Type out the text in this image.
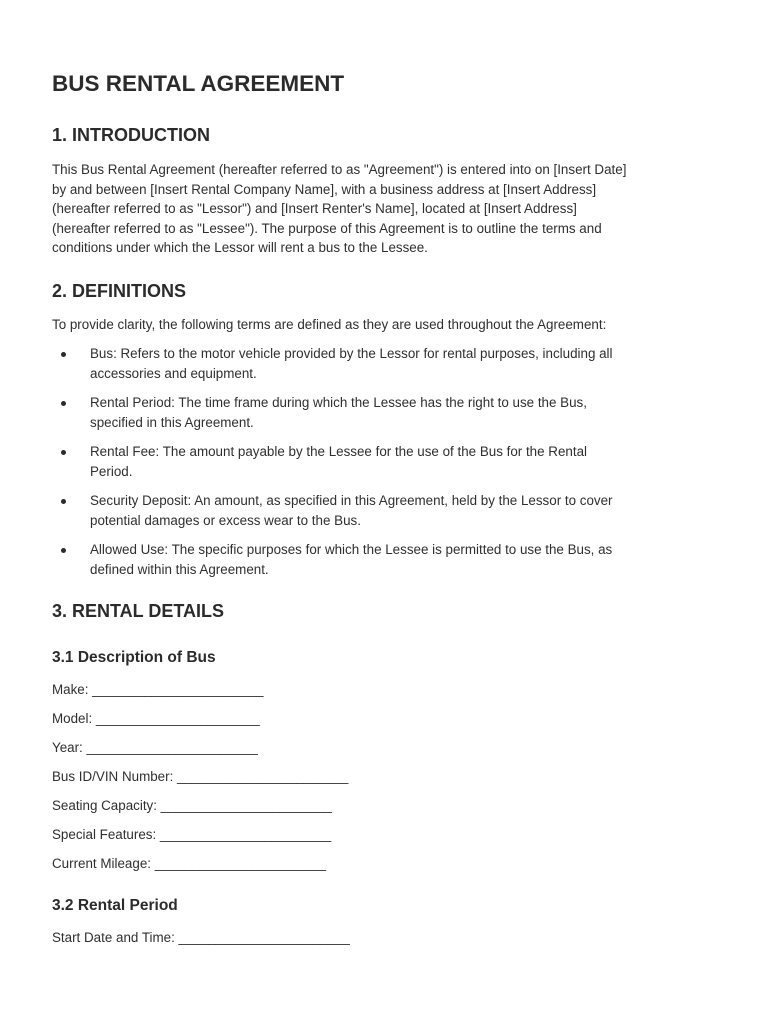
BUS RENTAL AGREEMENT
1. INTRODUCTION

This Bus Rental Agreement (hereafter referred to as "Agreement") is entered into on [Insert Date]
by and between [Insert Rental Company Name], with a business address at [Insert Address]
(hereafter referred to as "Lessor") and [Insert Renter's Name], located at [Insert Address]
(hereafter referred to as "Lessee"). The purpose of this Agreement is to outline the terms and
conditions under which the Lessor will rent a bus to the Lessee.

2. DEFINITIONS

To provide clarity, the following terms are defined as they are used throughout the Agreement:

Bus: Refers to the motor vehicle provided by the Lessor for rental purposes, including all
accessories and equipment.
Rental Period: The time frame during which the Lessee has the right to use the Bus,
specified in this Agreement.
Rental Fee: The amount payable by the Lessee for the use of the Bus for the Rental
Period.
Security Deposit: An amount, as specified in this Agreement, held by the Lessor to cover
potential damages or excess wear to the Bus.
Allowed Use: The specific purposes for which the Lessee is permitted to use the Bus, as
defined within this Agreement.
3. RENTAL DETAILS
3.1 Description of Bus

Make: _______________________

Model: ______________________

Year: _______________________

Bus ID/VIN Number: _______________________

Seating Capacity: _______________________

Special Features: _______________________

Current Mileage: _______________________

3.2 Rental Period

Start Date and Time: _______________________
